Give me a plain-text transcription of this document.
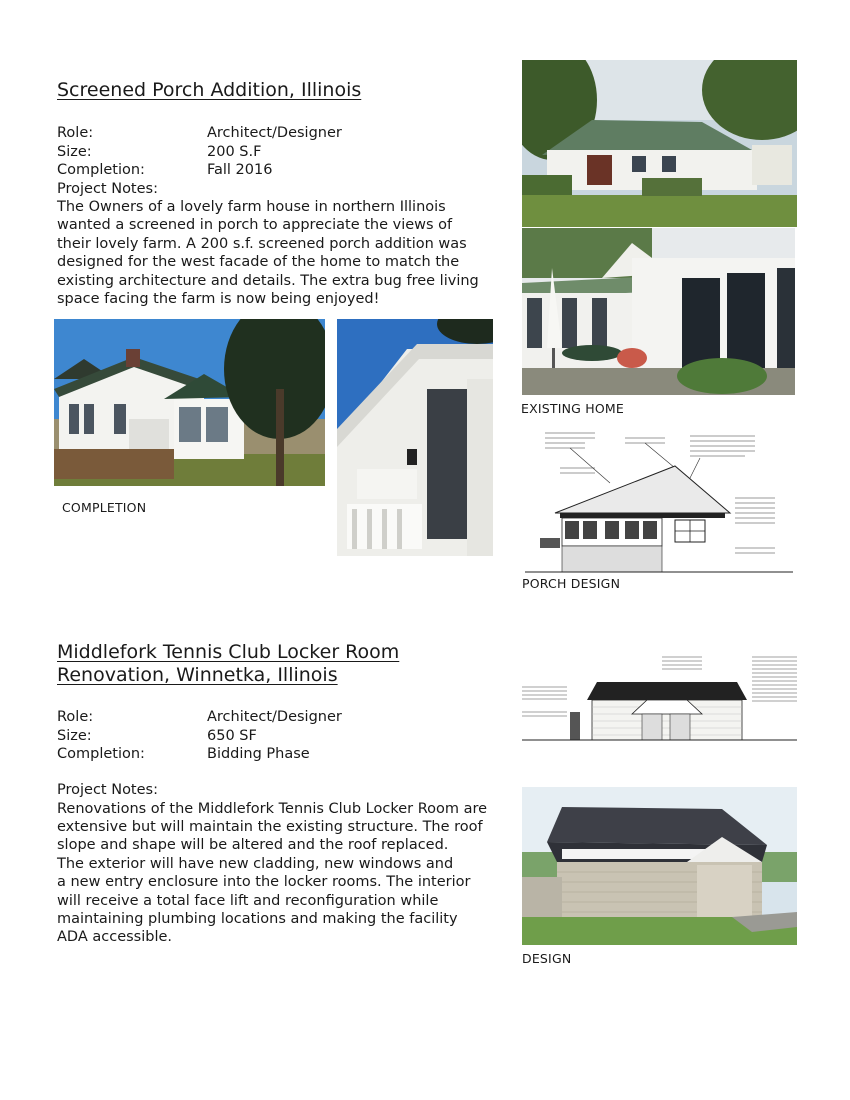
Screened Porch Addition, Illinois
Role:	Architect/Designer
Size:	200 S.F
Completion:	Fall 2016
Project Notes:
The Owners of a lovely farm house in northern Illinois
wanted a screened in porch to appreciate the views of
their lovely farm. A 200 s.f. screened porch addition was
designed for the west facade of the home to match the
existing architecture and details. The extra bug free living
space facing the farm is now being enjoyed!
EXISTING HOME
COMPLETION
PORCH DESIGN
Middlefork Tennis Club Locker Room
Renovation, Winnetka, Illinois
Role:	Architect/Designer
Size:	650 SF
Completion:	Bidding Phase
Project Notes:
Renovations of the Middlefork Tennis Club Locker Room are
extensive but will maintain the existing structure. The roof
slope and shape will be altered and the roof replaced.
The exterior will have new cladding, new windows and
a new entry enclosure into the locker rooms. The interior
will receive a total face lift and reconfiguration while
maintaining plumbing locations and making the facility
ADA accessible.
DESIGN
